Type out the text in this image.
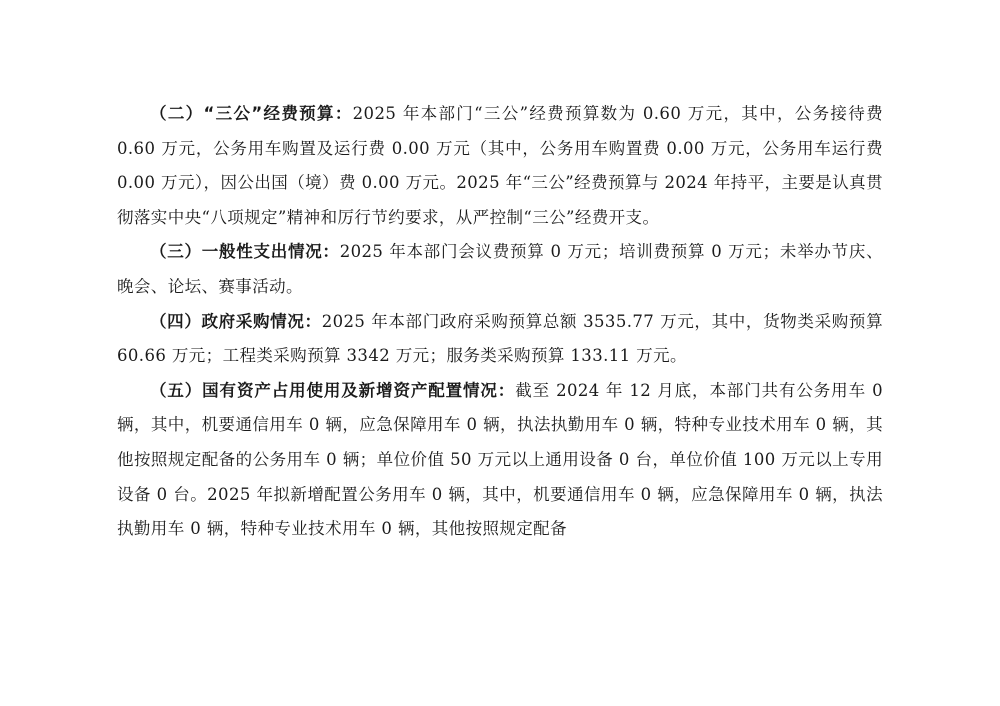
（二）“三公”经费预算：2025 年本部门“三公”经费预算数为 0.60 万元，其中，公务接待费 0.60 万元，公务用车购置及运行费 0.00 万元（其中，公务用车购置费 0.00 万元，公务用车运行费 0.00 万元），因公出国（境）费 0.00 万元。2025 年“三公”经费预算与 2024 年持平，主要是认真贯彻落实中央“八项规定”精神和厉行节约要求，从严控制“三公”经费开支。

（三）一般性支出情况：2025 年本部门会议费预算 0 万元；培训费预算 0 万元；未举办节庆、晚会、论坛、赛事活动。

（四）政府采购情况：2025 年本部门政府采购预算总额 3535.77 万元，其中，货物类采购预算 60.66 万元；工程类采购预算 3342 万元；服务类采购预算 133.11 万元。

（五）国有资产占用使用及新增资产配置情况：截至 2024 年 12 月底，本部门共有公务用车 0 辆，其中，机要通信用车 0 辆，应急保障用车 0 辆，执法执勤用车 0 辆，特种专业技术用车 0 辆，其他按照规定配备的公务用车 0 辆；单位价值 50 万元以上通用设备 0 台，单位价值 100 万元以上专用设备 0 台。2025 年拟新增配置公务用车 0 辆，其中，机要通信用车 0 辆，应急保障用车 0 辆，执法执勤用车 0 辆，特种专业技术用车 0 辆，其他按照规定配备
